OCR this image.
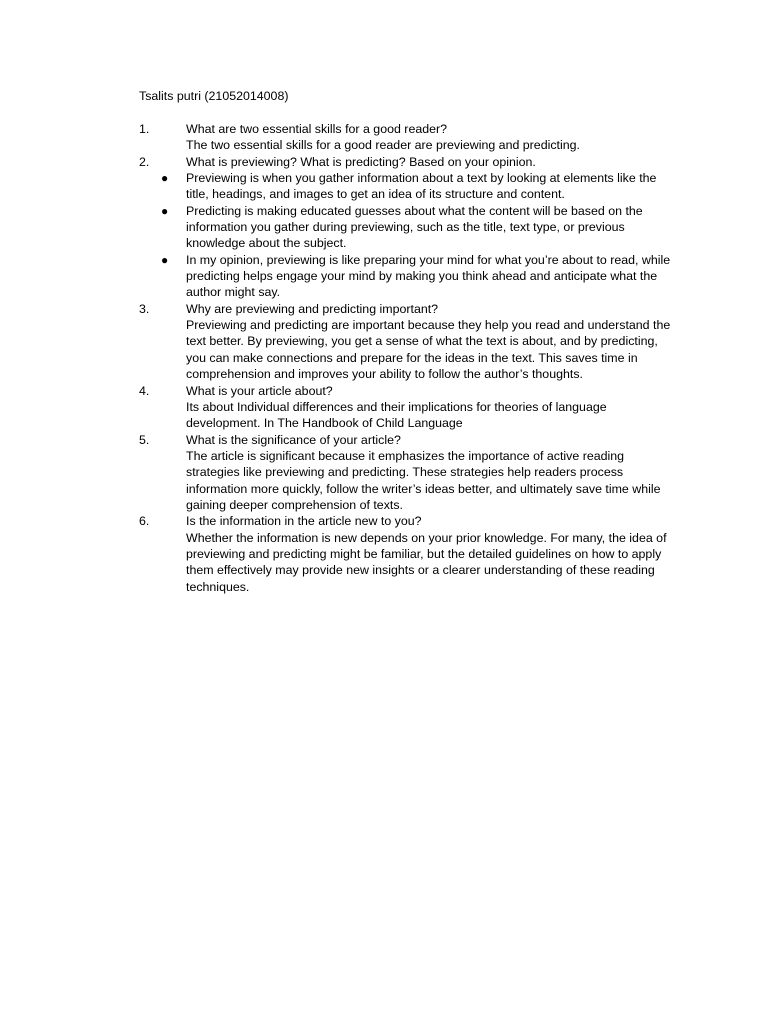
Tsalits putri (21052014008)
1.	What are two essential skills for a good reader?
The two essential skills for a good reader are previewing and predicting.
2.	What is previewing? What is predicting? Based on your opinion.
● Previewing is when you gather information about a text by looking at elements like the title, headings, and images to get an idea of its structure and content.
● Predicting is making educated guesses about what the content will be based on the information you gather during previewing, such as the title, text type, or previous knowledge about the subject.
● In my opinion, previewing is like preparing your mind for what you’re about to read, while predicting helps engage your mind by making you think ahead and anticipate what the author might say.
3.	Why are previewing and predicting important?
Previewing and predicting are important because they help you read and understand the text better. By previewing, you get a sense of what the text is about, and by predicting, you can make connections and prepare for the ideas in the text. This saves time in comprehension and improves your ability to follow the author’s thoughts.
4.	What is your article about?
Its about Individual differences and their implications for theories of language development. In The Handbook of Child Language
5.	What is the significance of your article?
The article is significant because it emphasizes the importance of active reading strategies like previewing and predicting. These strategies help readers process information more quickly, follow the writer’s ideas better, and ultimately save time while gaining deeper comprehension of texts.
6.	Is the information in the article new to you?
Whether the information is new depends on your prior knowledge. For many, the idea of previewing and predicting might be familiar, but the detailed guidelines on how to apply them effectively may provide new insights or a clearer understanding of these reading techniques.
